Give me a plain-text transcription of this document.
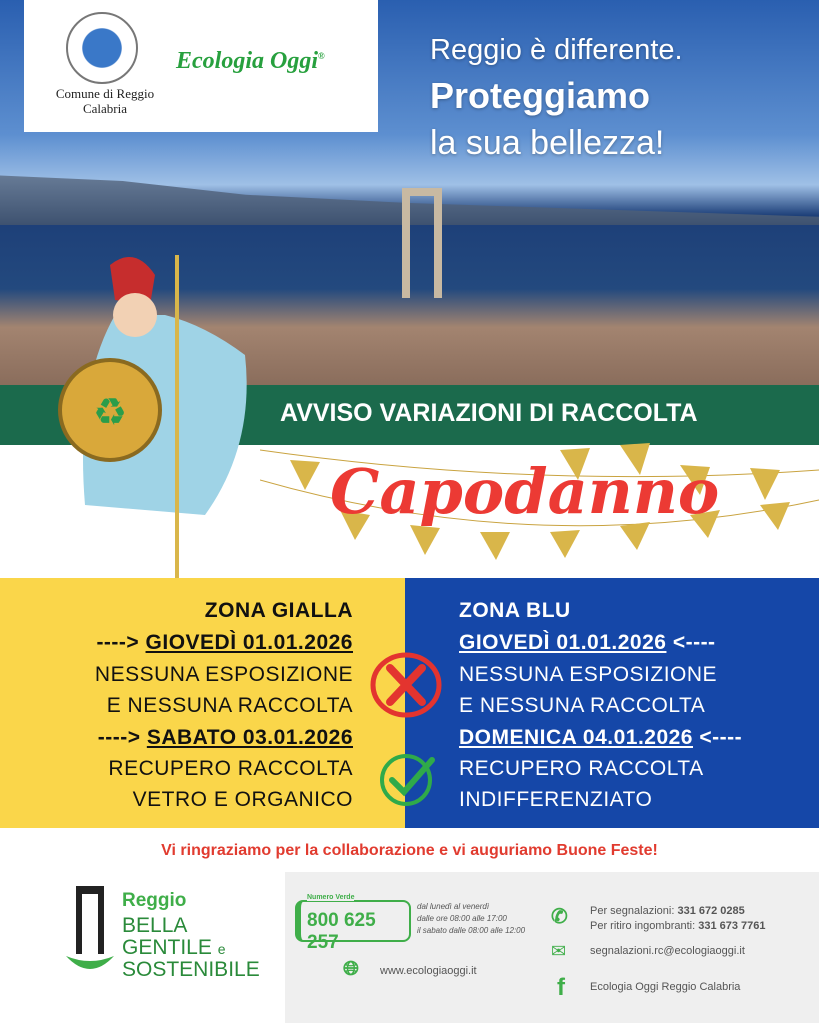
Comune di Reggio Calabria
Ecologia Oggi®	Reggio è differente.
Proteggiamo
la sua bellezza!
AVVISO VARIAZIONI DI RACCOLTA
Capodanno
♻
ZONA GIALLA
----> GIOVEDÌ 01.01.2026
NESSUNA ESPOSIZIONE
E NESSUNA RACCOLTA
----> SABATO 03.01.2026
RECUPERO RACCOLTA
VETRO E ORGANICO
ZONA BLU
GIOVEDÌ 01.01.2026 <----
NESSUNA ESPOSIZIONE
E NESSUNA RACCOLTA
DOMENICA 04.01.2026 <----
RECUPERO RACCOLTA
INDIFFERENZIATO
Vi ringraziamo per la collaborazione e vi auguriamo Buone Feste!
Reggio
BELLA
GENTILE e
SOSTENIBILE
Numero Verde
800 625 257
dal lunedì al venerdì
dalle ore 08:00 alle 17:00
il sabato dalle 08:00 alle 12:00
🌐︎ www.ecologiaoggi.it
✆ Per segnalazioni: 331 672 0285
Per ritiro ingombranti: 331 673 7761
✉ segnalazioni.rc@ecologiaoggi.it
f Ecologia Oggi Reggio Calabria
